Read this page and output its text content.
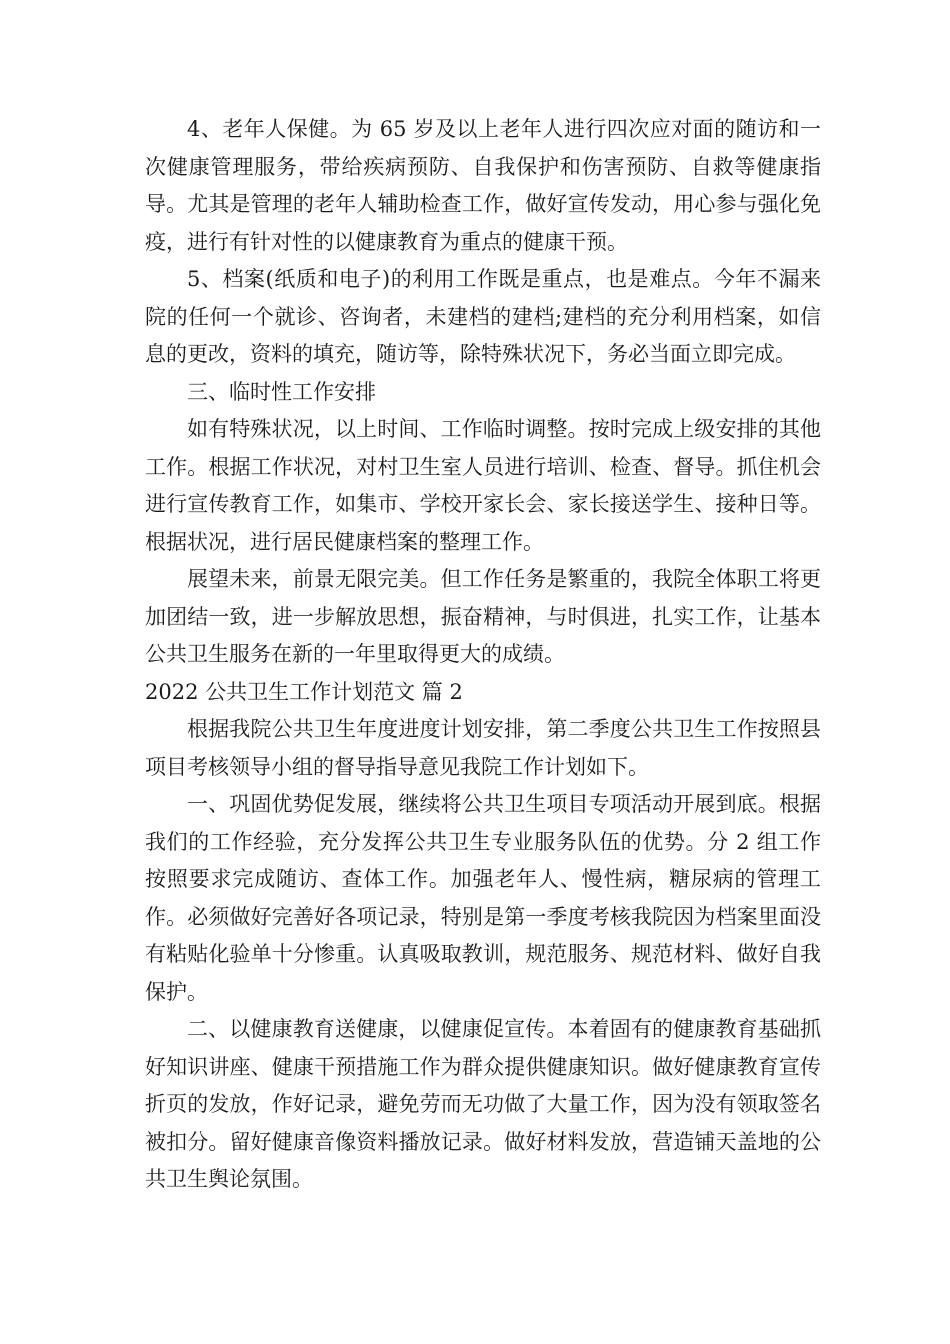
4、老年人保健。为 65 岁及以上老年人进行四次应对面的随访和一次健康管理服务，带给疾病预防、自我保护和伤害预防、自救等健康指导。尤其是管理的老年人辅助检查工作，做好宣传发动，用心参与强化免疫，进行有针对性的以健康教育为重点的健康干预。

5、档案(纸质和电子)的利用工作既是重点，也是难点。今年不漏来院的任何一个就诊、咨询者，未建档的建档;建档的充分利用档案，如信息的更改，资料的填充，随访等，除特殊状况下，务必当面立即完成。

三、临时性工作安排

如有特殊状况，以上时间、工作临时调整。按时完成上级安排的其他工作。根据工作状况，对村卫生室人员进行培训、检查、督导。抓住机会进行宣传教育工作，如集市、学校开家长会、家长接送学生、接种日等。根据状况，进行居民健康档案的整理工作。

展望未来，前景无限完美。但工作任务是繁重的，我院全体职工将更加团结一致，进一步解放思想，振奋精神，与时俱进，扎实工作，让基本公共卫生服务在新的一年里取得更大的成绩。

2022 公共卫生工作计划范文 篇 2

根据我院公共卫生年度进度计划安排，第二季度公共卫生工作按照县项目考核领导小组的督导指导意见我院工作计划如下。

一、巩固优势促发展，继续将公共卫生项目专项活动开展到底。根据我们的工作经验，充分发挥公共卫生专业服务队伍的优势。分 2 组工作按照要求完成随访、查体工作。加强老年人、慢性病，糖尿病的管理工作。必须做好完善好各项记录，特别是第一季度考核我院因为档案里面没有粘贴化验单十分惨重。认真吸取教训，规范服务、规范材料、做好自我保护。

二、以健康教育送健康，以健康促宣传。本着固有的健康教育基础抓好知识讲座、健康干预措施工作为群众提供健康知识。做好健康教育宣传折页的发放，作好记录，避免劳而无功做了大量工作，因为没有领取签名被扣分。留好健康音像资料播放记录。做好材料发放，营造铺天盖地的公共卫生舆论氛围。
